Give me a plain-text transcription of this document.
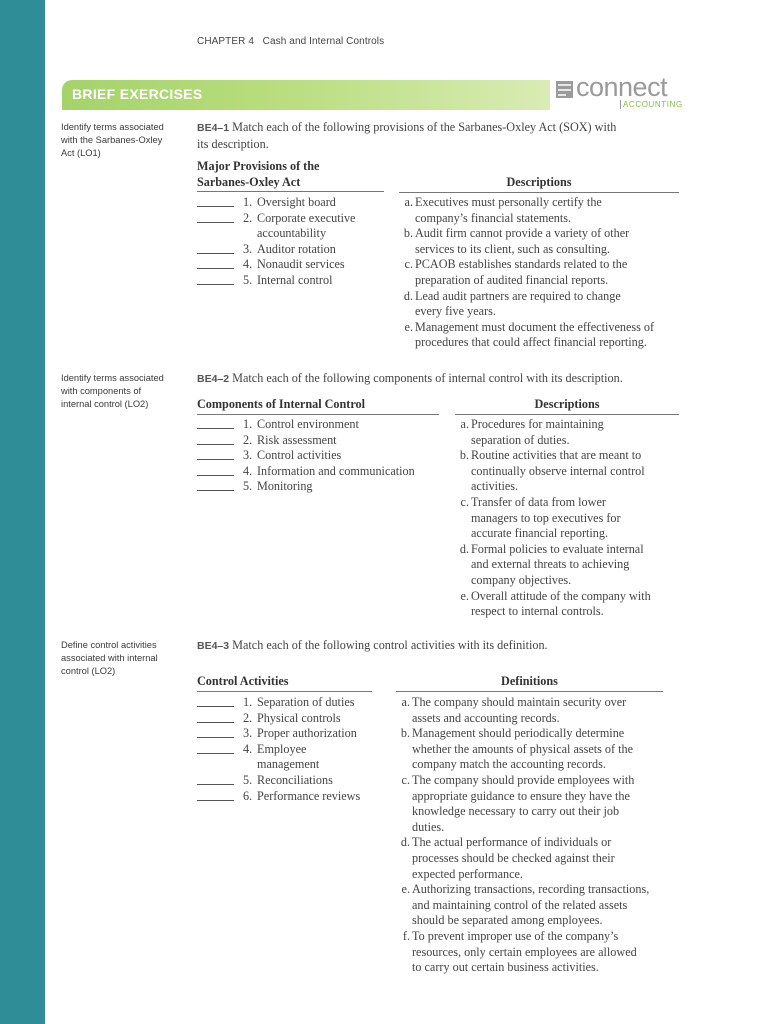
CHAPTER 4   Cash and Internal Controls
BRIEF EXERCISES	connect
ACCOUNTING
Identify terms associated
with the Sarbanes-Oxley
Act (LO1)
BE4–1 Match each of the following provisions of the Sarbanes-Oxley Act (SOX) with
its description.
Major Provisions of the
Sarbanes-Oxley Act	Descriptions
1. Oversight board
2. Corporate executive
accountability
3. Auditor rotation
4. Nonaudit services
5. Internal control
a. Executives must personally certify the
company’s financial statements.
b. Audit firm cannot provide a variety of other
services to its client, such as consulting.
c. PCAOB establishes standards related to the
preparation of audited financial reports.
d. Lead audit partners are required to change
every five years.
e. Management must document the effectiveness of
procedures that could affect financial reporting.
Identify terms associated
with components of
internal control (LO2)
BE4–2 Match each of the following components of internal control with its description.
Components of Internal Control	Descriptions
1. Control environment
2. Risk assessment
3. Control activities
4. Information and communication
5. Monitoring
a. Procedures for maintaining
separation of duties.
b. Routine activities that are meant to
continually observe internal control
activities.
c. Transfer of data from lower
managers to top executives for
accurate financial reporting.
d. Formal policies to evaluate internal
and external threats to achieving
company objectives.
e. Overall attitude of the company with
respect to internal controls.
Define control activities
associated with internal
control (LO2)
BE4–3 Match each of the following control activities with its definition.
Control Activities	Definitions
1. Separation of duties
2. Physical controls
3. Proper authorization
4. Employee
management
5. Reconciliations
6. Performance reviews
a. The company should maintain security over
assets and accounting records.
b. Management should periodically determine
whether the amounts of physical assets of the
company match the accounting records.
c. The company should provide employees with
appropriate guidance to ensure they have the
knowledge necessary to carry out their job
duties.
d. The actual performance of individuals or
processes should be checked against their
expected performance.
e. Authorizing transactions, recording transactions,
and maintaining control of the related assets
should be separated among employees.
f. To prevent improper use of the company’s
resources, only certain employees are allowed
to carry out certain business activities.
